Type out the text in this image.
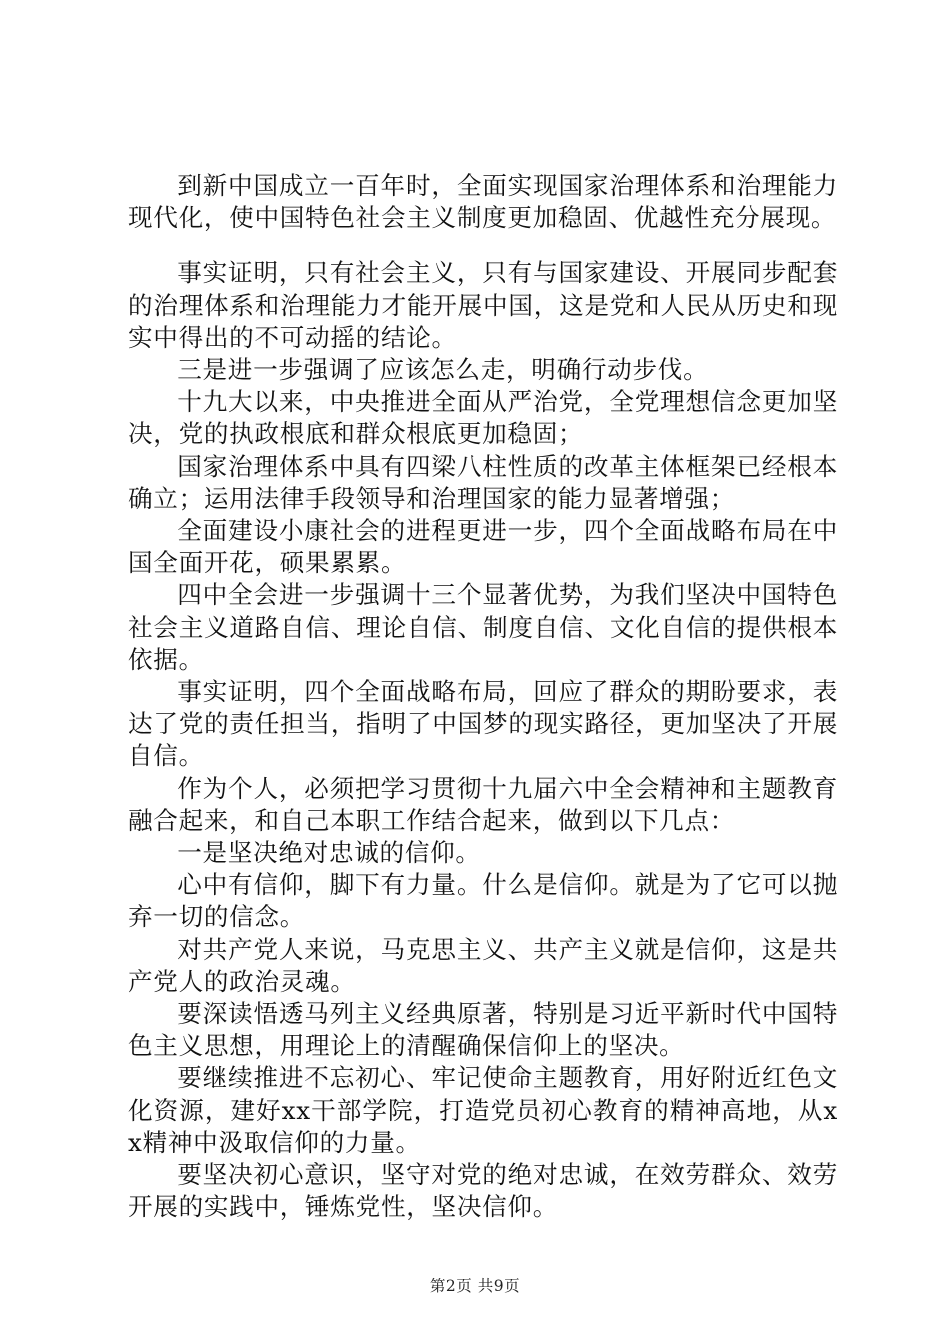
到新中国成立一百年时，全面实现国家治理体系和治理能力现代化，使中国特色社会主义制度更加稳固、优越性充分展现。

事实证明，只有社会主义，只有与国家建设、开展同步配套的治理体系和治理能力才能开展中国，这是党和人民从历史和现实中得出的不可动摇的结论。

三是进一步强调了应该怎么走，明确行动步伐。

十九大以来，中央推进全面从严治党，全党理想信念更加坚决，党的执政根底和群众根底更加稳固；

国家治理体系中具有四梁八柱性质的改革主体框架已经根本确立；运用法律手段领导和治理国家的能力显著增强；

全面建设小康社会的进程更进一步，四个全面战略布局在中国全面开花，硕果累累。

四中全会进一步强调十三个显著优势，为我们坚决中国特色社会主义道路自信、理论自信、制度自信、文化自信的提供根本依据。

事实证明，四个全面战略布局，回应了群众的期盼要求，表达了党的责任担当，指明了中国梦的现实路径，更加坚决了开展自信。

作为个人，必须把学习贯彻十九届六中全会精神和主题教育融合起来，和自己本职工作结合起来，做到以下几点：

一是坚决绝对忠诚的信仰。

心中有信仰，脚下有力量。什么是信仰。就是为了它可以抛弃一切的信念。

对共产党人来说，马克思主义、共产主义就是信仰，这是共产党人的政治灵魂。

要深读悟透马列主义经典原著，特别是习近平新时代中国特色主义思想，用理论上的清醒确保信仰上的坚决。

要继续推进不忘初心、牢记使命主题教育，用好附近红色文化资源，建好xx干部学院，打造党员初心教育的精神高地，从xx精神中汲取信仰的力量。

要坚决初心意识，坚守对党的绝对忠诚，在效劳群众、效劳开展的实践中，锤炼党性，坚决信仰。

第2页 共9页
